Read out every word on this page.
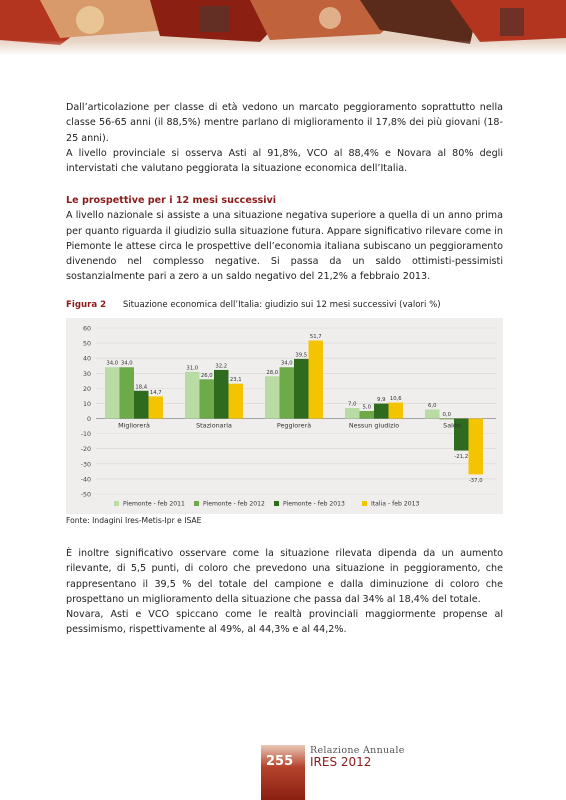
Dall’articolazione per classe di età vedono un marcato peggioramento soprattutto nella classe 56-65 anni (il 88,5%) mentre parlano di miglioramento il 17,8% dei più giovani (18-25 anni).

A livello provinciale si osserva Asti al 91,8%, VCO al 88,4% e Novara al 80% degli intervistati che valutano peggiorata la situazione economica dell’Italia.

Le prospettive per i 12 mesi successivi

A livello nazionale si assiste a una situazione negativa superiore a quella di un anno prima per quanto riguarda il giudizio sulla situazione futura. Appare significativo rilevare come in Piemonte le attese circa le prospettive dell’economia italiana subiscano un peggioramento divenendo nel complesso negative. Si passa da un saldo ottimisti-pessimisti sostanzialmente pari a zero a un saldo negativo del 21,2% a febbraio 2013.

Figura 2 Situazione economica dell’Italia: giudizio sui 12 mesi successivi (valori %)
60
50
40
30
20
10
0
-10
-20
-30
-40
-50
34,0 34,0
18,4
14,7
Migliorerà
31,0
26,0
32,2
23,1
Stazionaria
28,0
34,0
39,5
51,7
Peggiorerà
7,0
5,0
9,9 10,6
Nessun giudizio
6,0
0,0
-21,2
-37,0
Saldo
Piemonte - feb 2011	Piemonte - feb 2012	Piemonte - feb 2013	Italia - feb 2013
Fonte: Indagini Ires-Metis-Ipr e ISAE

È inoltre significativo osservare come la situazione rilevata dipenda da un aumento rilevante, di 5,5 punti, di coloro che prevedono una situazione in peggioramento, che rappresentano il 39,5 % del totale del campione e dalla diminuzione di coloro che prospettano un miglioramento della situazione che passa dal 34% al 18,4% del totale.

Novara, Asti e VCO spiccano come le realtà provinciali maggiormente propense al pessimismo, rispettivamente al 49%, al 44,3% e al 44,2%.

255
Relazione Annuale
IRES 2012
